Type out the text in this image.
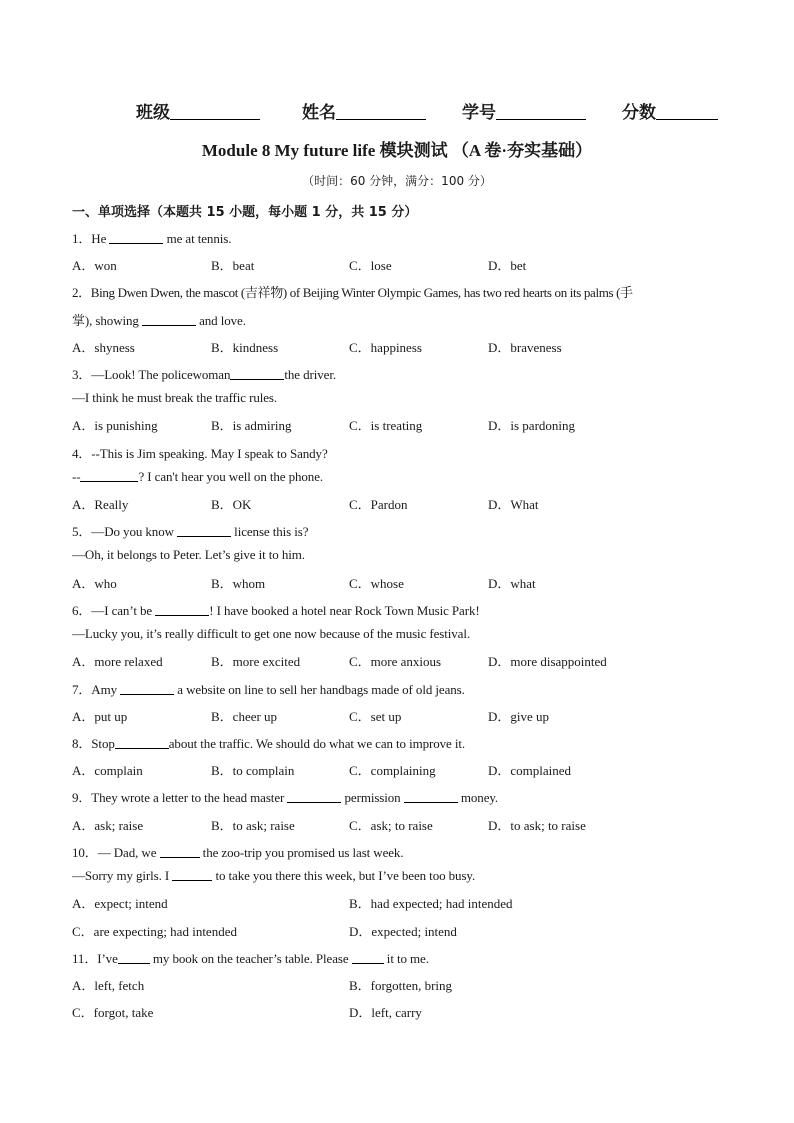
班级	姓名	学号	分数
Module 8 My future life 模块测试 （A 卷·夯实基础）
（时间：60 分钟，满分：100 分）
一、单项选择（本题共 15 小题，每小题 1 分，共 15 分）
1．He	me at tennis.
A．won	B．beat	C．lose	D．bet
2．Bing Dwen Dwen, the mascot (吉祥物) of Beijing Winter Olympic Games, has two red hearts on its palms (手
掌), showing	and love.
A．shyness	B．kindness	C．happiness	D．braveness
3．—Look! The policewoman	the driver.
—I think he must break the traffic rules.
A．is punishing	B．is admiring	C．is treating	D．is pardoning
4．--This is Jim speaking. May I speak to Sandy?
--	? I can't hear you well on the phone.
A．Really	B．OK	C．Pardon	D．What
5．—Do you know	license this is?
—Oh, it belongs to Peter. Let’s give it to him.
A．who	B．whom	C．whose	D．what
6．—I can’t be	! I have booked a hotel near Rock Town Music Park!
—Lucky you, it’s really difficult to get one now because of the music festival.
A．more relaxed	B．more excited	C．more anxious	D．more disappointed
7．Amy	a website on line to sell her handbags made of old jeans.
A．put up	B．cheer up	C．set up	D．give up
8．Stop	about the traffic. We should do what we can to improve it.
A．complain	B．to complain	C．complaining	D．complained
9．They wrote a letter to the head master	permission	money.
A．ask; raise	B．to ask; raise	C．ask; to raise	D．to ask; to raise
10．— Dad, we	the zoo-trip you promised us last week.
—Sorry my girls. I	to take you there this week, but I’ve been too busy.
A．expect; intend	B．had expected; had intended
C．are expecting; had intended	D．expected; intend
11．I’ve my book on the teacher’s table. Please  it to me.
A．left, fetch	B．forgotten, bring
C．forgot, take	D．left, carry
